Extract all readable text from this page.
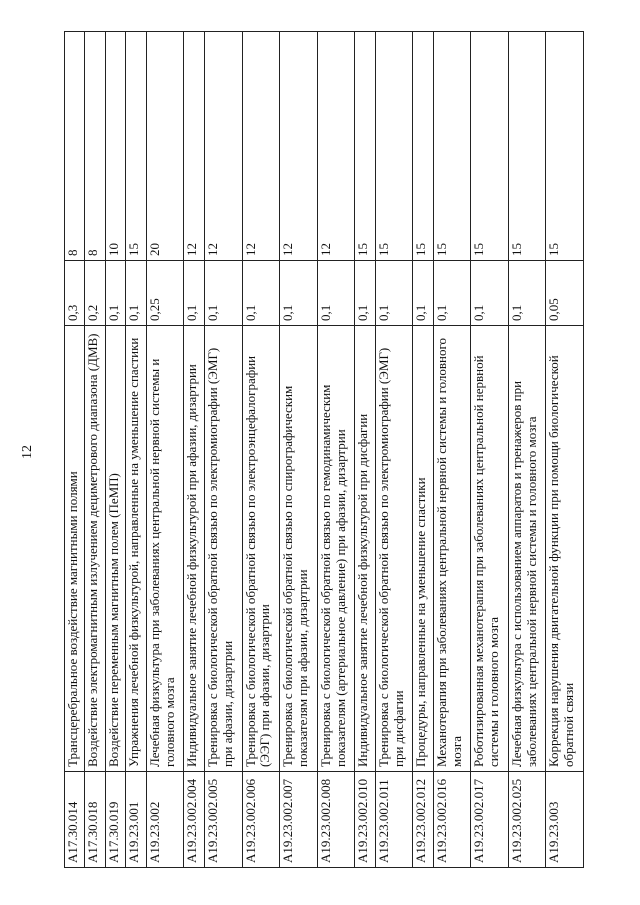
12
A17.30.014	Трансцеребральное воздействие магнитными полями	0,3	8
A17.30.018	Воздействие электромагнитным излучением дециметрового диапазона (ДМВ)	0,2	8
A17.30.019	Воздействие переменным магнитным полем (ПеМП)	0,1	10
A19.23.001	Упражнения лечебной физкультурой, направленные на уменьшение спастики	0,1	15
A19.23.002	Лечебная физкультура при заболеваниях центральной нервной системы и головного мозга	0,25	20
A19.23.002.004	Индивидуальное занятие лечебной физкультурой при афазии, дизартрии	0,1	12
A19.23.002.005	Тренировка с биологической обратной связью по электромиографии (ЭМГ) при афазии, дизартрии	0,1	12
A19.23.002.006	Тренировка с биологической обратной связью по электроэнцефалографии (ЭЭГ) при афазии, дизартрии	0,1	12
A19.23.002.007	Тренировка с биологической обратной связью по спирографическим показателям при афазии, дизартрии	0,1	12
A19.23.002.008	Тренировка с биологической обратной связью по гемодинамическим показателям (артериальное давление) при афазии, дизартрии	0,1	12
A19.23.002.010	Индивидуальное занятие лечебной физкультурой при дисфагии	0,1	15
A19.23.002.011	Тренировка с биологической обратной связью по электромиографии (ЭМГ) при дисфагии	0,1	15
A19.23.002.012	Процедуры, направленные на уменьшение спастики	0,1	15
A19.23.002.016	Механотерапия при заболеваниях центральной нервной системы и головного мозга	0,1	15
A19.23.002.017	Роботизированная механотерапия при заболеваниях центральной нервной системы и головного мозга	0,1	15
A19.23.002.025	Лечебная физкультура с использованием аппаратов и тренажеров при заболеваниях центральной нервной системы и головного мозга	0,1	15
A19.23.003	Коррекция нарушения двигательной функции при помощи биологической обратной связи	0,05	15
